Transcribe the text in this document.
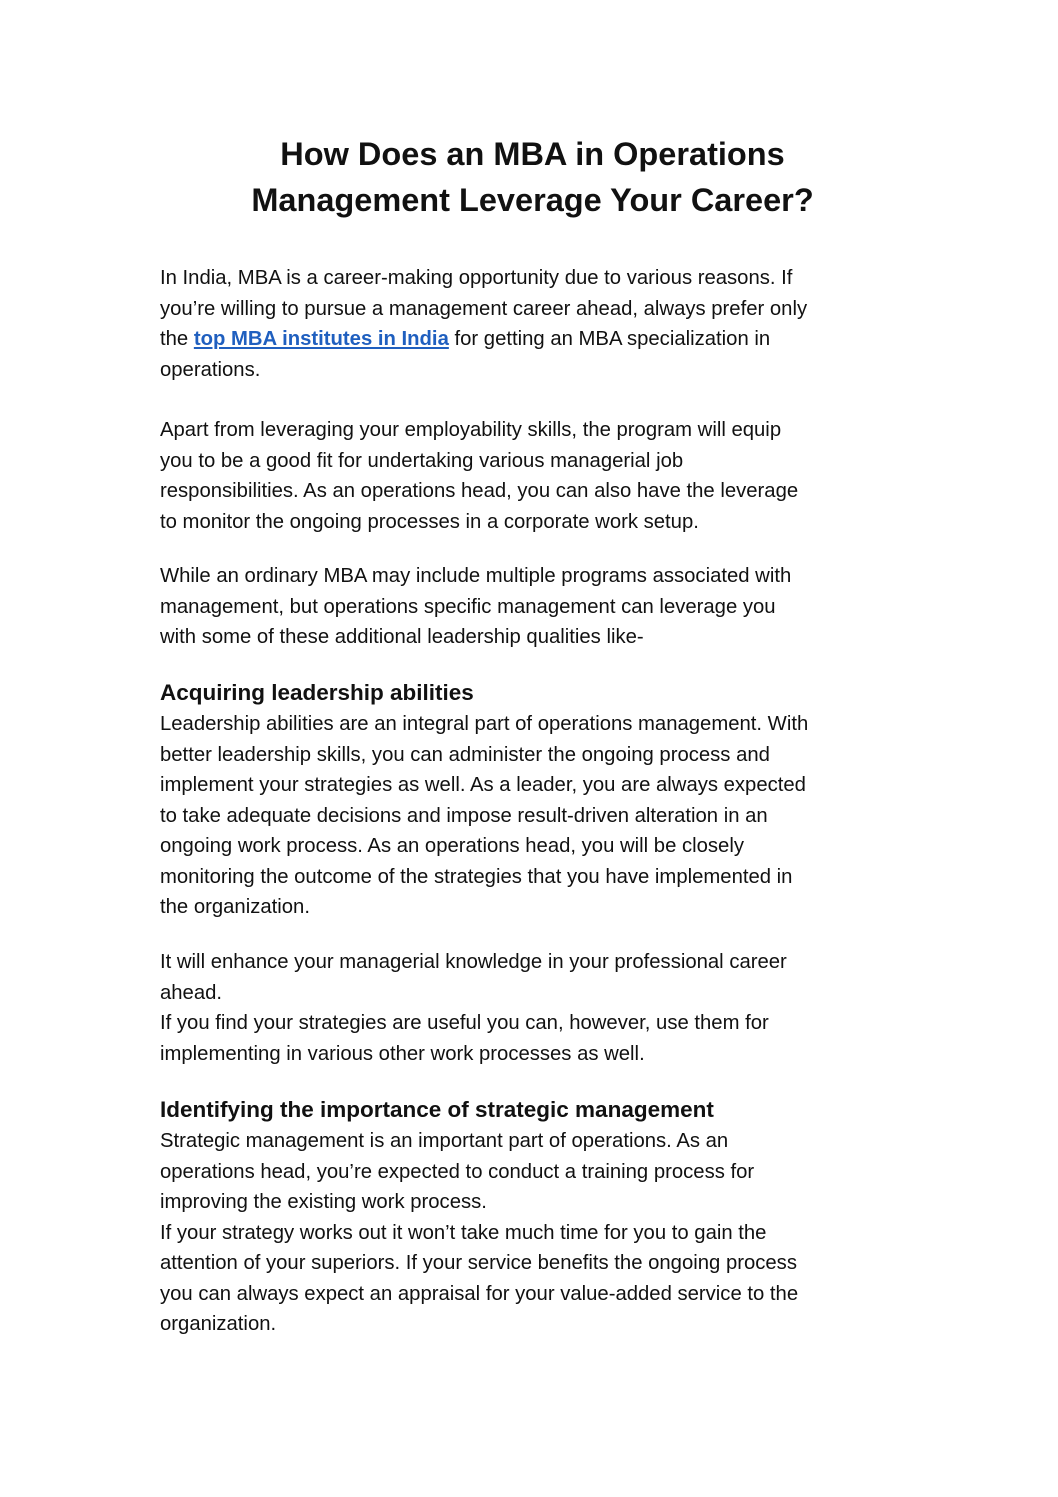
How Does an MBA in Operations
Management Leverage Your Career?

In India, MBA is a career-making opportunity due to various reasons. If
you’re willing to pursue a management career ahead, always prefer only
the top MBA institutes in India for getting an MBA specialization in
operations.

Apart from leveraging your employability skills, the program will equip
you to be a good fit for undertaking various managerial job
responsibilities. As an operations head, you can also have the leverage
to monitor the ongoing processes in a corporate work setup.

While an ordinary MBA may include multiple programs associated with
management, but operations specific management can leverage you
with some of these additional leadership qualities like-

Acquiring leadership abilities

Leadership abilities are an integral part of operations management. With
better leadership skills, you can administer the ongoing process and
implement your strategies as well. As a leader, you are always expected
to take adequate decisions and impose result-driven alteration in an
ongoing work process. As an operations head, you will be closely
monitoring the outcome of the strategies that you have implemented in
the organization.

It will enhance your managerial knowledge in your professional career
ahead.
If you find your strategies are useful you can, however, use them for
implementing in various other work processes as well.

Identifying the importance of strategic management

Strategic management is an important part of operations. As an
operations head, you’re expected to conduct a training process for
improving the existing work process.
If your strategy works out it won’t take much time for you to gain the
attention of your superiors. If your service benefits the ongoing process
you can always expect an appraisal for your value-added service to the
organization.
